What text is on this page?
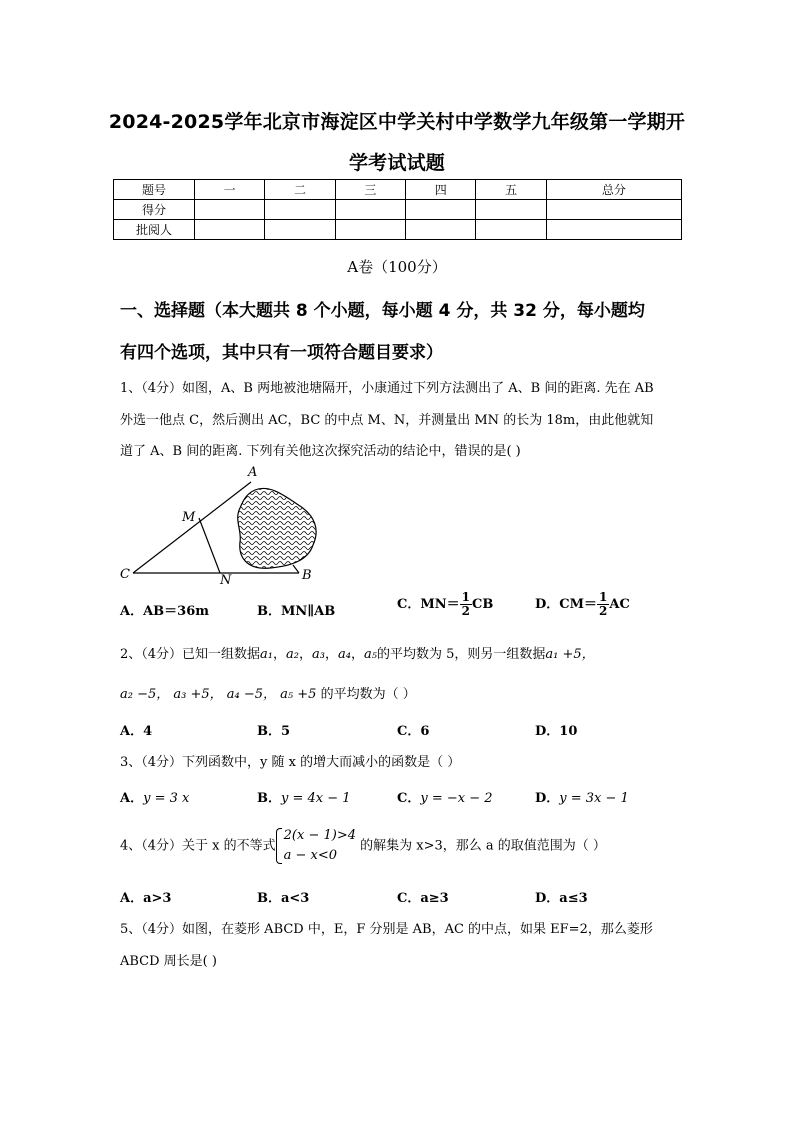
2024-2025学年北京市海淀区中学关村中学数学九年级第一学期开
学考试试题
题号	一	二	三	四	五	总分
得分						
批阅人						
A卷（100分）
一、选择题（本大题共 8 个小题，每小题 4 分，共 32 分，每小题均
有四个选项，其中只有一项符合题目要求）
1、（4分）如图，A、B 两地被池塘隔开，小康通过下列方法测出了 A、B 间的距离. 先在 AB
外选一他点 C，然后测出 AC，BC 的中点 M、N，并测量出 MN 的长为 18m，由此他就知
道了 A、B 间的距离. 下列有关他这次探究活动的结论中，错误的是( )
A
M
C	N	B
A．AB＝36m	B．MN∥AB	C．$MN= \frac{1}{2}$ CB	D．$CM= \frac{1}{2}$ AC
2、（4分）已知一组数据a₁，a₂，a₃，a₄，a₅的平均数为 5，则另一组数据a₁ +5，
a₂ −5， a₃ +5， a₄ −5， a₅ +5 的平均数为（ ）
A．4	B．5	C．6	D．10
3、（4分）下列函数中，y 随 x 的增大而减小的函数是（ ）
A．y = 3 x	B．y = 4x − 1	C．y = −x − 2	D．y = 3x − 1
4、（4分）关于 x 的不等式
2(x − 1)>4
a − x<0
的解集为 x>3，那么 a 的取值范围为（ ）
A．a>3	B．a<3	C．a≥3	D．a≤3
5、（4分）如图，在菱形 ABCD 中，E，F 分别是 AB，AC 的中点，如果 EF=2，那么菱形
ABCD 周长是( )
